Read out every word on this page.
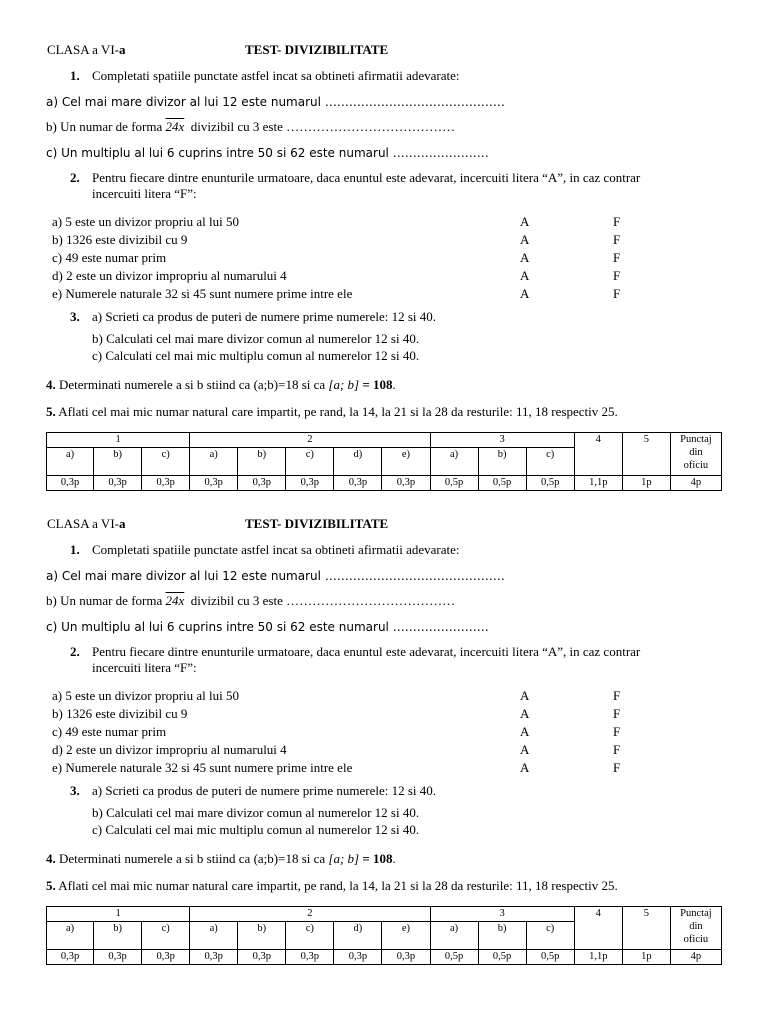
CLASA a VI-a	TEST- DIVIZIBILITATE
1. Completati spatiile punctate astfel incat sa obtineti afirmatii adevarate:
a) Cel mai mare divizor al lui 12 este numarul ………………………………………
b) Un numar de forma 24x divizibil cu 3 este …………………………………
c) Un multiplu al lui 6 cuprins intre 50 si 62 este numarul ……………………
2. Pentru fiecare dintre enunturile urmatoare, daca enuntul este adevarat, incercuiti litera “A”, in caz contrar
incercuiti litera “F”:
a) 5 este un divizor propriu al lui 50	A	F
b) 1326 este divizibil cu 9	A	F
c) 49 este numar prim	A	F
d) 2 este un divizor impropriu al numarului 4	A	F
e) Numerele naturale 32 si 45 sunt numere prime intre ele	A	F
3. a) Scrieti ca produs de puteri de numere prime numerele: 12 si 40.
b) Calculati cel mai mare divizor comun al numerelor 12 si 40.
c) Calculati cel mai mic multiplu comun al numerelor 12 si 40.
4. Determinati numerele a si b stiind ca (a;b)=18 si ca [a; b] = 108.
5. Aflati cel mai mic numar natural care impartit, pe rand, la 14, la 21 si la 28 da resturile: 11, 18 respectiv 25.
1			2					3			4	5	Punctaj
din
oficiu
a)	b)	c)	a)	b)	c)	d)	e)	a)	b)	c)			
0,3p	0,3p	0,3p	0,3p	0,3p	0,3p	0,3p	0,3p	0,5p	0,5p	0,5p	1,1p	1p	4p
CLASA a VI-a	TEST- DIVIZIBILITATE
1. Completati spatiile punctate astfel incat sa obtineti afirmatii adevarate:
a) Cel mai mare divizor al lui 12 este numarul ………………………………………
b) Un numar de forma 24x divizibil cu 3 este …………………………………
c) Un multiplu al lui 6 cuprins intre 50 si 62 este numarul ……………………
2. Pentru fiecare dintre enunturile urmatoare, daca enuntul este adevarat, incercuiti litera “A”, in caz contrar
incercuiti litera “F”:
a) 5 este un divizor propriu al lui 50	A	F
b) 1326 este divizibil cu 9	A	F
c) 49 este numar prim	A	F
d) 2 este un divizor impropriu al numarului 4	A	F
e) Numerele naturale 32 si 45 sunt numere prime intre ele	A	F
3. a) Scrieti ca produs de puteri de numere prime numerele: 12 si 40.
b) Calculati cel mai mare divizor comun al numerelor 12 si 40.
c) Calculati cel mai mic multiplu comun al numerelor 12 si 40.
4. Determinati numerele a si b stiind ca (a;b)=18 si ca [a; b] = 108.
5. Aflati cel mai mic numar natural care impartit, pe rand, la 14, la 21 si la 28 da resturile: 11, 18 respectiv 25.
1			2					3			4	5	Punctaj
din
oficiu
a)	b)	c)	a)	b)	c)	d)	e)	a)	b)	c)			
0,3p	0,3p	0,3p	0,3p	0,3p	0,3p	0,3p	0,3p	0,5p	0,5p	0,5p	1,1p	1p	4p
